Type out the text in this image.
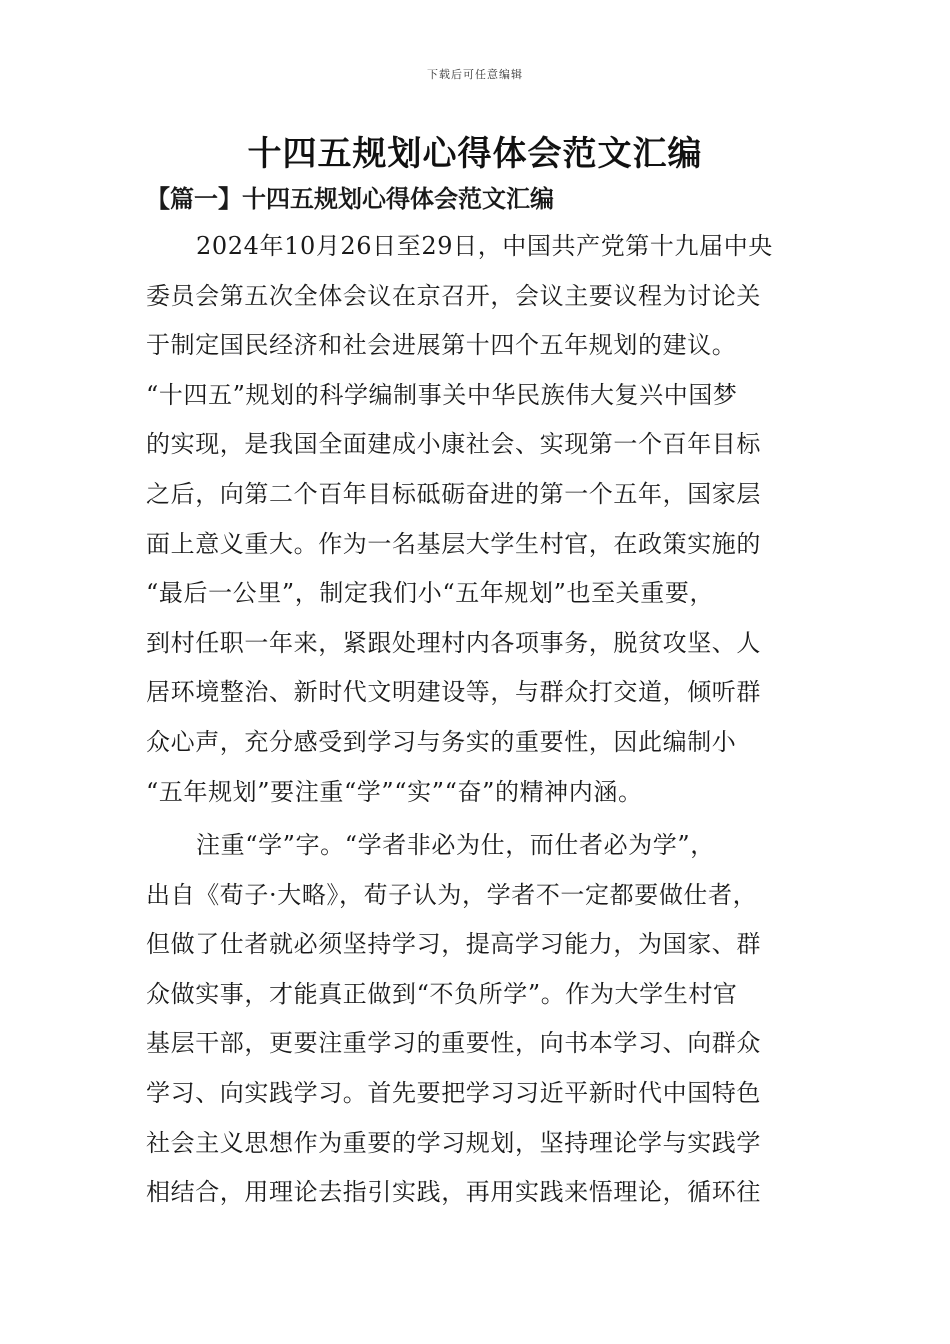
下载后可任意编辑
十四五规划心得体会范文汇编
【篇一】十四五规划心得体会范文汇编
2024年10月26日至29日，中国共产党第十九届中央
委员会第五次全体会议在京召开，会议主要议程为讨论关
于制定国民经济和社会进展第十四个五年规划的建议。
“十四五”规划的科学编制事关中华民族伟大复兴中国梦
的实现，是我国全面建成小康社会、实现第一个百年目标
之后，向第二个百年目标砥砺奋进的第一个五年，国家层
面上意义重大。作为一名基层大学生村官，在政策实施的
“最后一公里”，制定我们小“五年规划”也至关重要，
到村任职一年来，紧跟处理村内各项事务，脱贫攻坚、人
居环境整治、新时代文明建设等，与群众打交道，倾听群
众心声，充分感受到学习与务实的重要性，因此编制小
“五年规划”要注重“学”“实”“奋”的精神内涵。
注重“学”字。“学者非必为仕，而仕者必为学”，
出自《荀子·大略》，荀子认为，学者不一定都要做仕者，
但做了仕者就必须坚持学习，提高学习能力，为国家、群
众做实事，才能真正做到“不负所学”。作为大学生村官
基层干部，更要注重学习的重要性，向书本学习、向群众
学习、向实践学习。首先要把学习习近平新时代中国特色
社会主义思想作为重要的学习规划，坚持理论学与实践学
相结合，用理论去指引实践，再用实践来悟理论，循环往
